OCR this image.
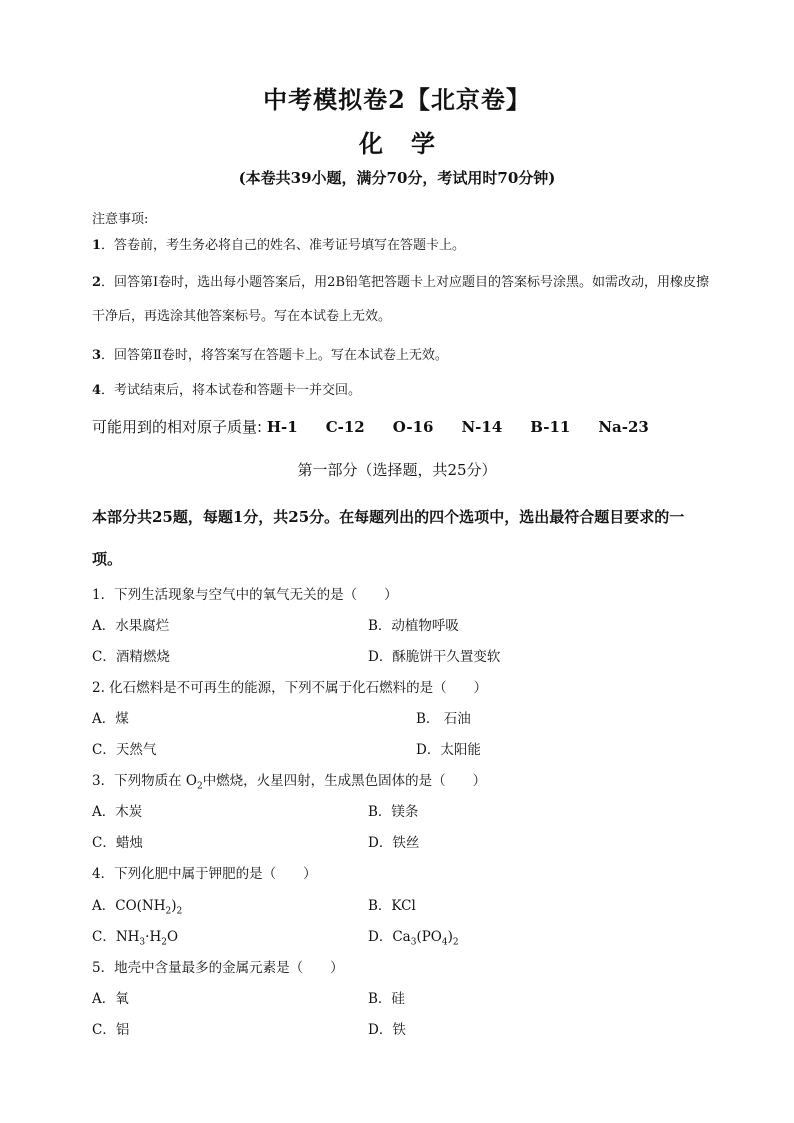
中考模拟卷2【北京卷】
化 学
(本卷共39小题，满分70分，考试用时70分钟)
注意事项:
1．答卷前，考生务必将自己的姓名、准考证号填写在答题卡上。
2．回答第Ⅰ卷时，选出每小题答案后，用2B铅笔把答题卡上对应题目的答案标号涂黑。如需改动，用橡皮擦干净后，再选涂其他答案标号。写在本试卷上无效。
3．回答第Ⅱ卷时，将答案写在答题卡上。写在本试卷上无效。
4．考试结束后，将本试卷和答题卡一并交回。
可能用到的相对原子质量: H-1 C-12 O-16 N-14 B-11 Na-23
第一部分（选择题，共25分）
本部分共25题，每题1分，共25分。在每题列出的四个选项中，选出最符合题目要求的一项。
1．下列生活现象与空气中的氧气无关的是（　　）
A．水果腐烂	B．动植物呼吸
C．酒精燃烧	D．酥脆饼干久置变软
2. 化石燃料是不可再生的能源，下列不属于化石燃料的是（　　）
A．煤	B． 石油
C．天然气	D．太阳能
3．下列物质在 $O_2$中燃烧，火星四射，生成黑色固体的是（　　）
A．木炭	B．镁条
C．蜡烛	D．铁丝
4．下列化肥中属于钾肥的是（　　）
A．$CO(NH_2)_2$	B．KCl
C．$NH_3\cdot H_2O$	D．$Ca_3(PO_4)_2$
5．地壳中含量最多的金属元素是（　　）
A．氧	B．硅
C．铝	D．铁
